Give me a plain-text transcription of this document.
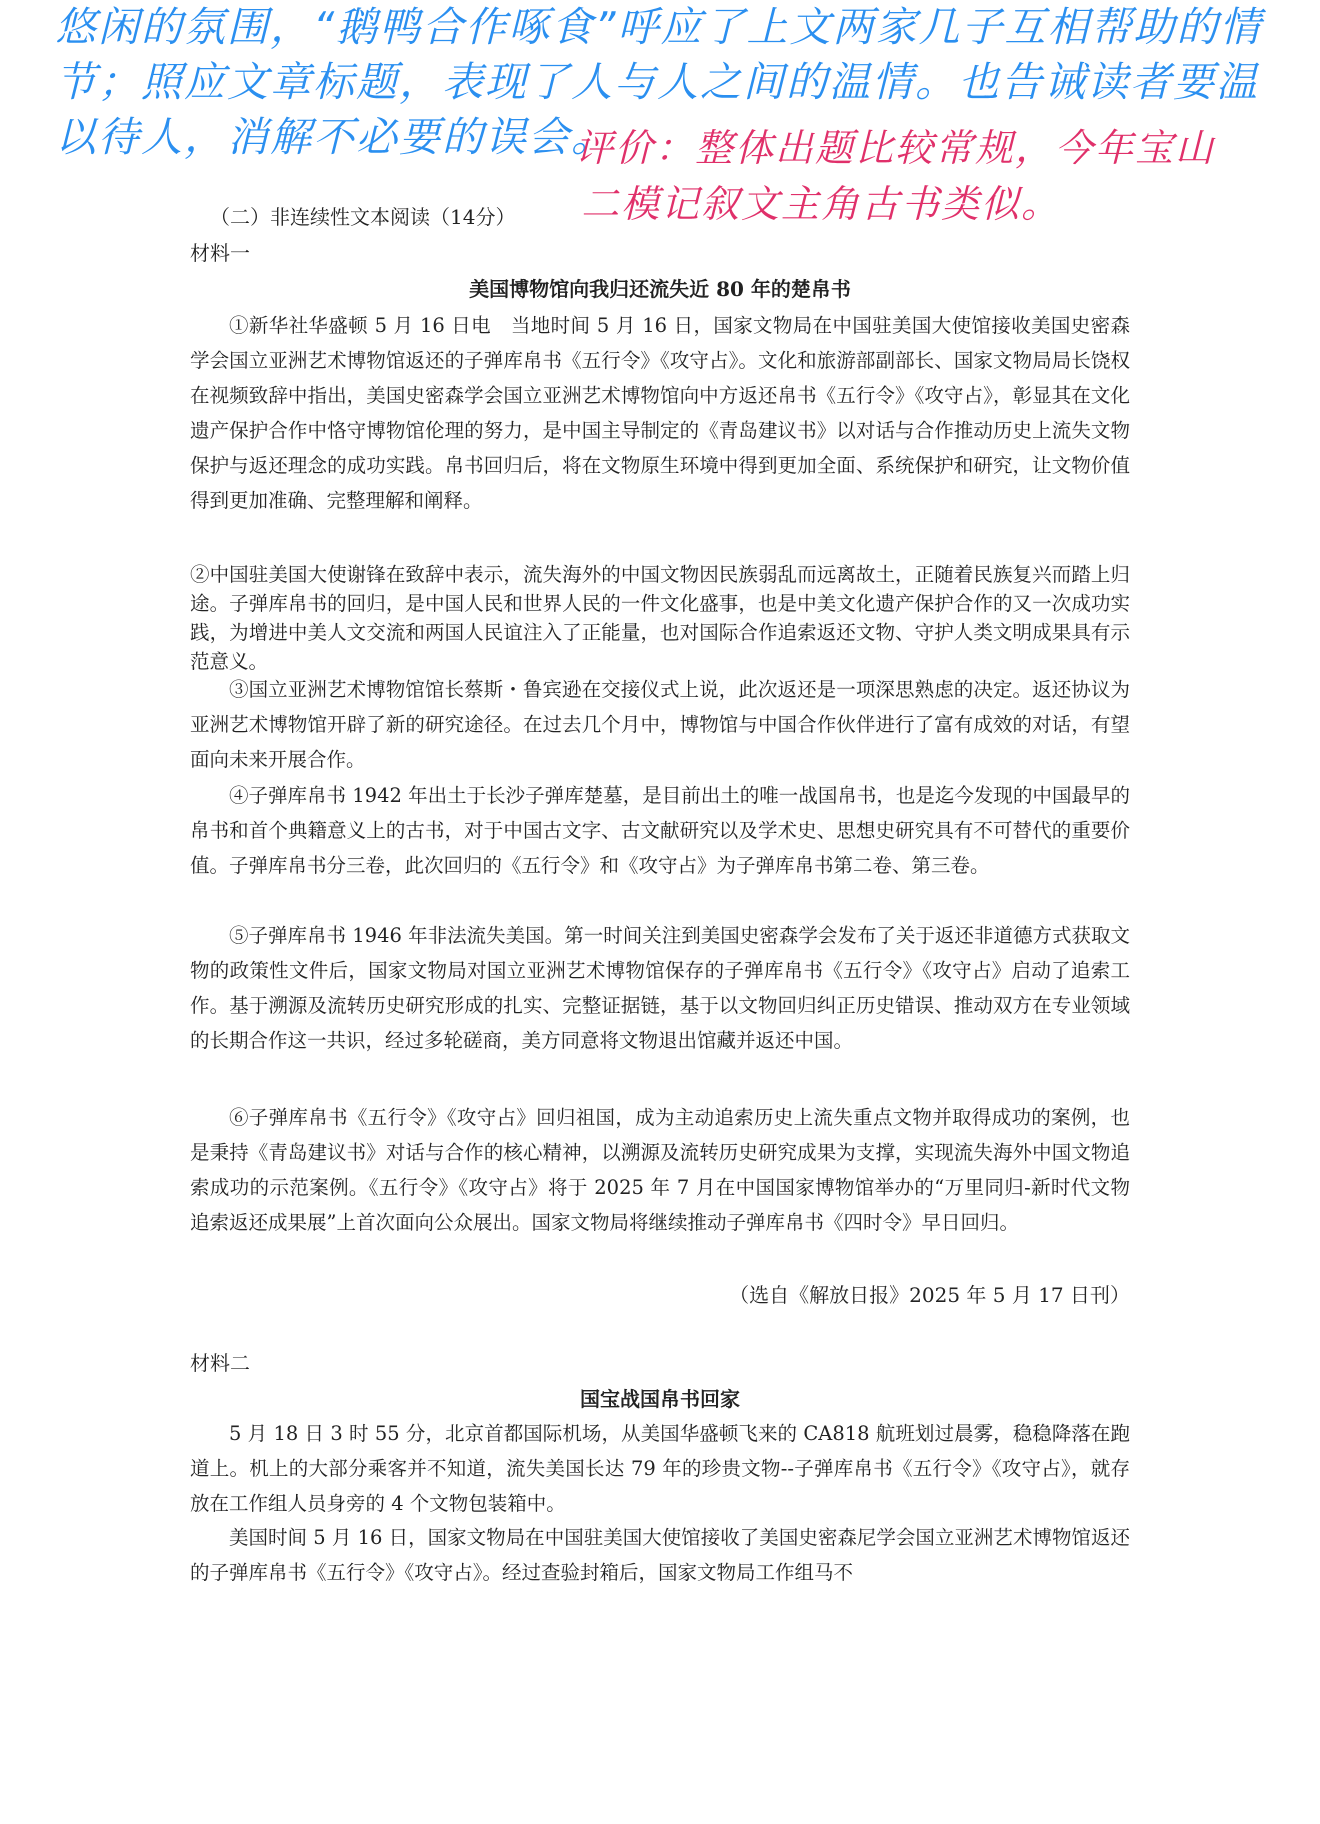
悠闲的氛围，“鹅鸭合作啄食”呼应了上文两家几子互相帮助的情节；照应文章标题，表现了人与人之间的温情。也告诫读者要温以待人，消解不必要的误会。
评价：整体出题比较常规，今年宝山
二模记叙文主角古书类似。
（二）非连续性文本阅读（14分）
材料一
美国博物馆向我归还流失近 80 年的楚帛书
①新华社华盛顿 5 月 16 日电　当地时间 5 月 16 日，国家文物局在中国驻美国大使馆接收美国史密森学会国立亚洲艺术博物馆返还的子弹库帛书《五行令》《攻守占》。文化和旅游部副部长、国家文物局局长饶权在视频致辞中指出，美国史密森学会国立亚洲艺术博物馆向中方返还帛书《五行令》《攻守占》，彰显其在文化遗产保护合作中恪守博物馆伦理的努力，是中国主导制定的《青岛建议书》以对话与合作推动历史上流失文物保护与返还理念的成功实践。帛书回归后，将在文物原生环境中得到更加全面、系统保护和研究，让文物价值得到更加准确、完整理解和阐释。
②中国驻美国大使谢锋在致辞中表示，流失海外的中国文物因民族弱乱而远离故土，正随着民族复兴而踏上归途。子弹库帛书的回归，是中国人民和世界人民的一件文化盛事，也是中美文化遗产保护合作的又一次成功实践，为增进中美人文交流和两国人民谊注入了正能量，也对国际合作追索返还文物、守护人类文明成果具有示范意义。
③国立亚洲艺术博物馆馆长蔡斯・鲁宾逊在交接仪式上说，此次返还是一项深思熟虑的决定。返还协议为亚洲艺术博物馆开辟了新的研究途径。在过去几个月中，博物馆与中国合作伙伴进行了富有成效的对话，有望面向未来开展合作。
④子弹库帛书 1942 年出土于长沙子弹库楚墓，是目前出土的唯一战国帛书，也是迄今发现的中国最早的帛书和首个典籍意义上的古书，对于中国古文字、古文献研究以及学术史、思想史研究具有不可替代的重要价值。子弹库帛书分三卷，此次回归的《五行令》和《攻守占》为子弹库帛书第二卷、第三卷。
⑤子弹库帛书 1946 年非法流失美国。第一时间关注到美国史密森学会发布了关于返还非道德方式获取文物的政策性文件后，国家文物局对国立亚洲艺术博物馆保存的子弹库帛书《五行令》《攻守占》启动了追索工作。基于溯源及流转历史研究形成的扎实、完整证据链，基于以文物回归纠正历史错误、推动双方在专业领域的长期合作这一共识，经过多轮磋商，美方同意将文物退出馆藏并返还中国。
⑥子弹库帛书《五行令》《攻守占》回归祖国，成为主动追索历史上流失重点文物并取得成功的案例，也是秉持《青岛建议书》对话与合作的核心精神，以溯源及流转历史研究成果为支撑，实现流失海外中国文物追索成功的示范案例。《五行令》《攻守占》将于 2025 年 7 月在中国国家博物馆举办的“万里同归-新时代文物追索返还成果展”上首次面向公众展出。国家文物局将继续推动子弹库帛书《四时令》早日回归。
（选自《解放日报》2025 年 5 月 17 日刊）
材料二
国宝战国帛书回家
5 月 18 日 3 时 55 分，北京首都国际机场，从美国华盛顿飞来的 CA818 航班划过晨雾，稳稳降落在跑道上。机上的大部分乘客并不知道，流失美国长达 79 年的珍贵文物--子弹库帛书《五行令》《攻守占》，就存放在工作组人员身旁的 4 个文物包装箱中。
美国时间 5 月 16 日，国家文物局在中国驻美国大使馆接收了美国史密森尼学会国立亚洲艺术博物馆返还的子弹库帛书《五行令》《攻守占》。经过查验封箱后，国家文物局工作组马不
